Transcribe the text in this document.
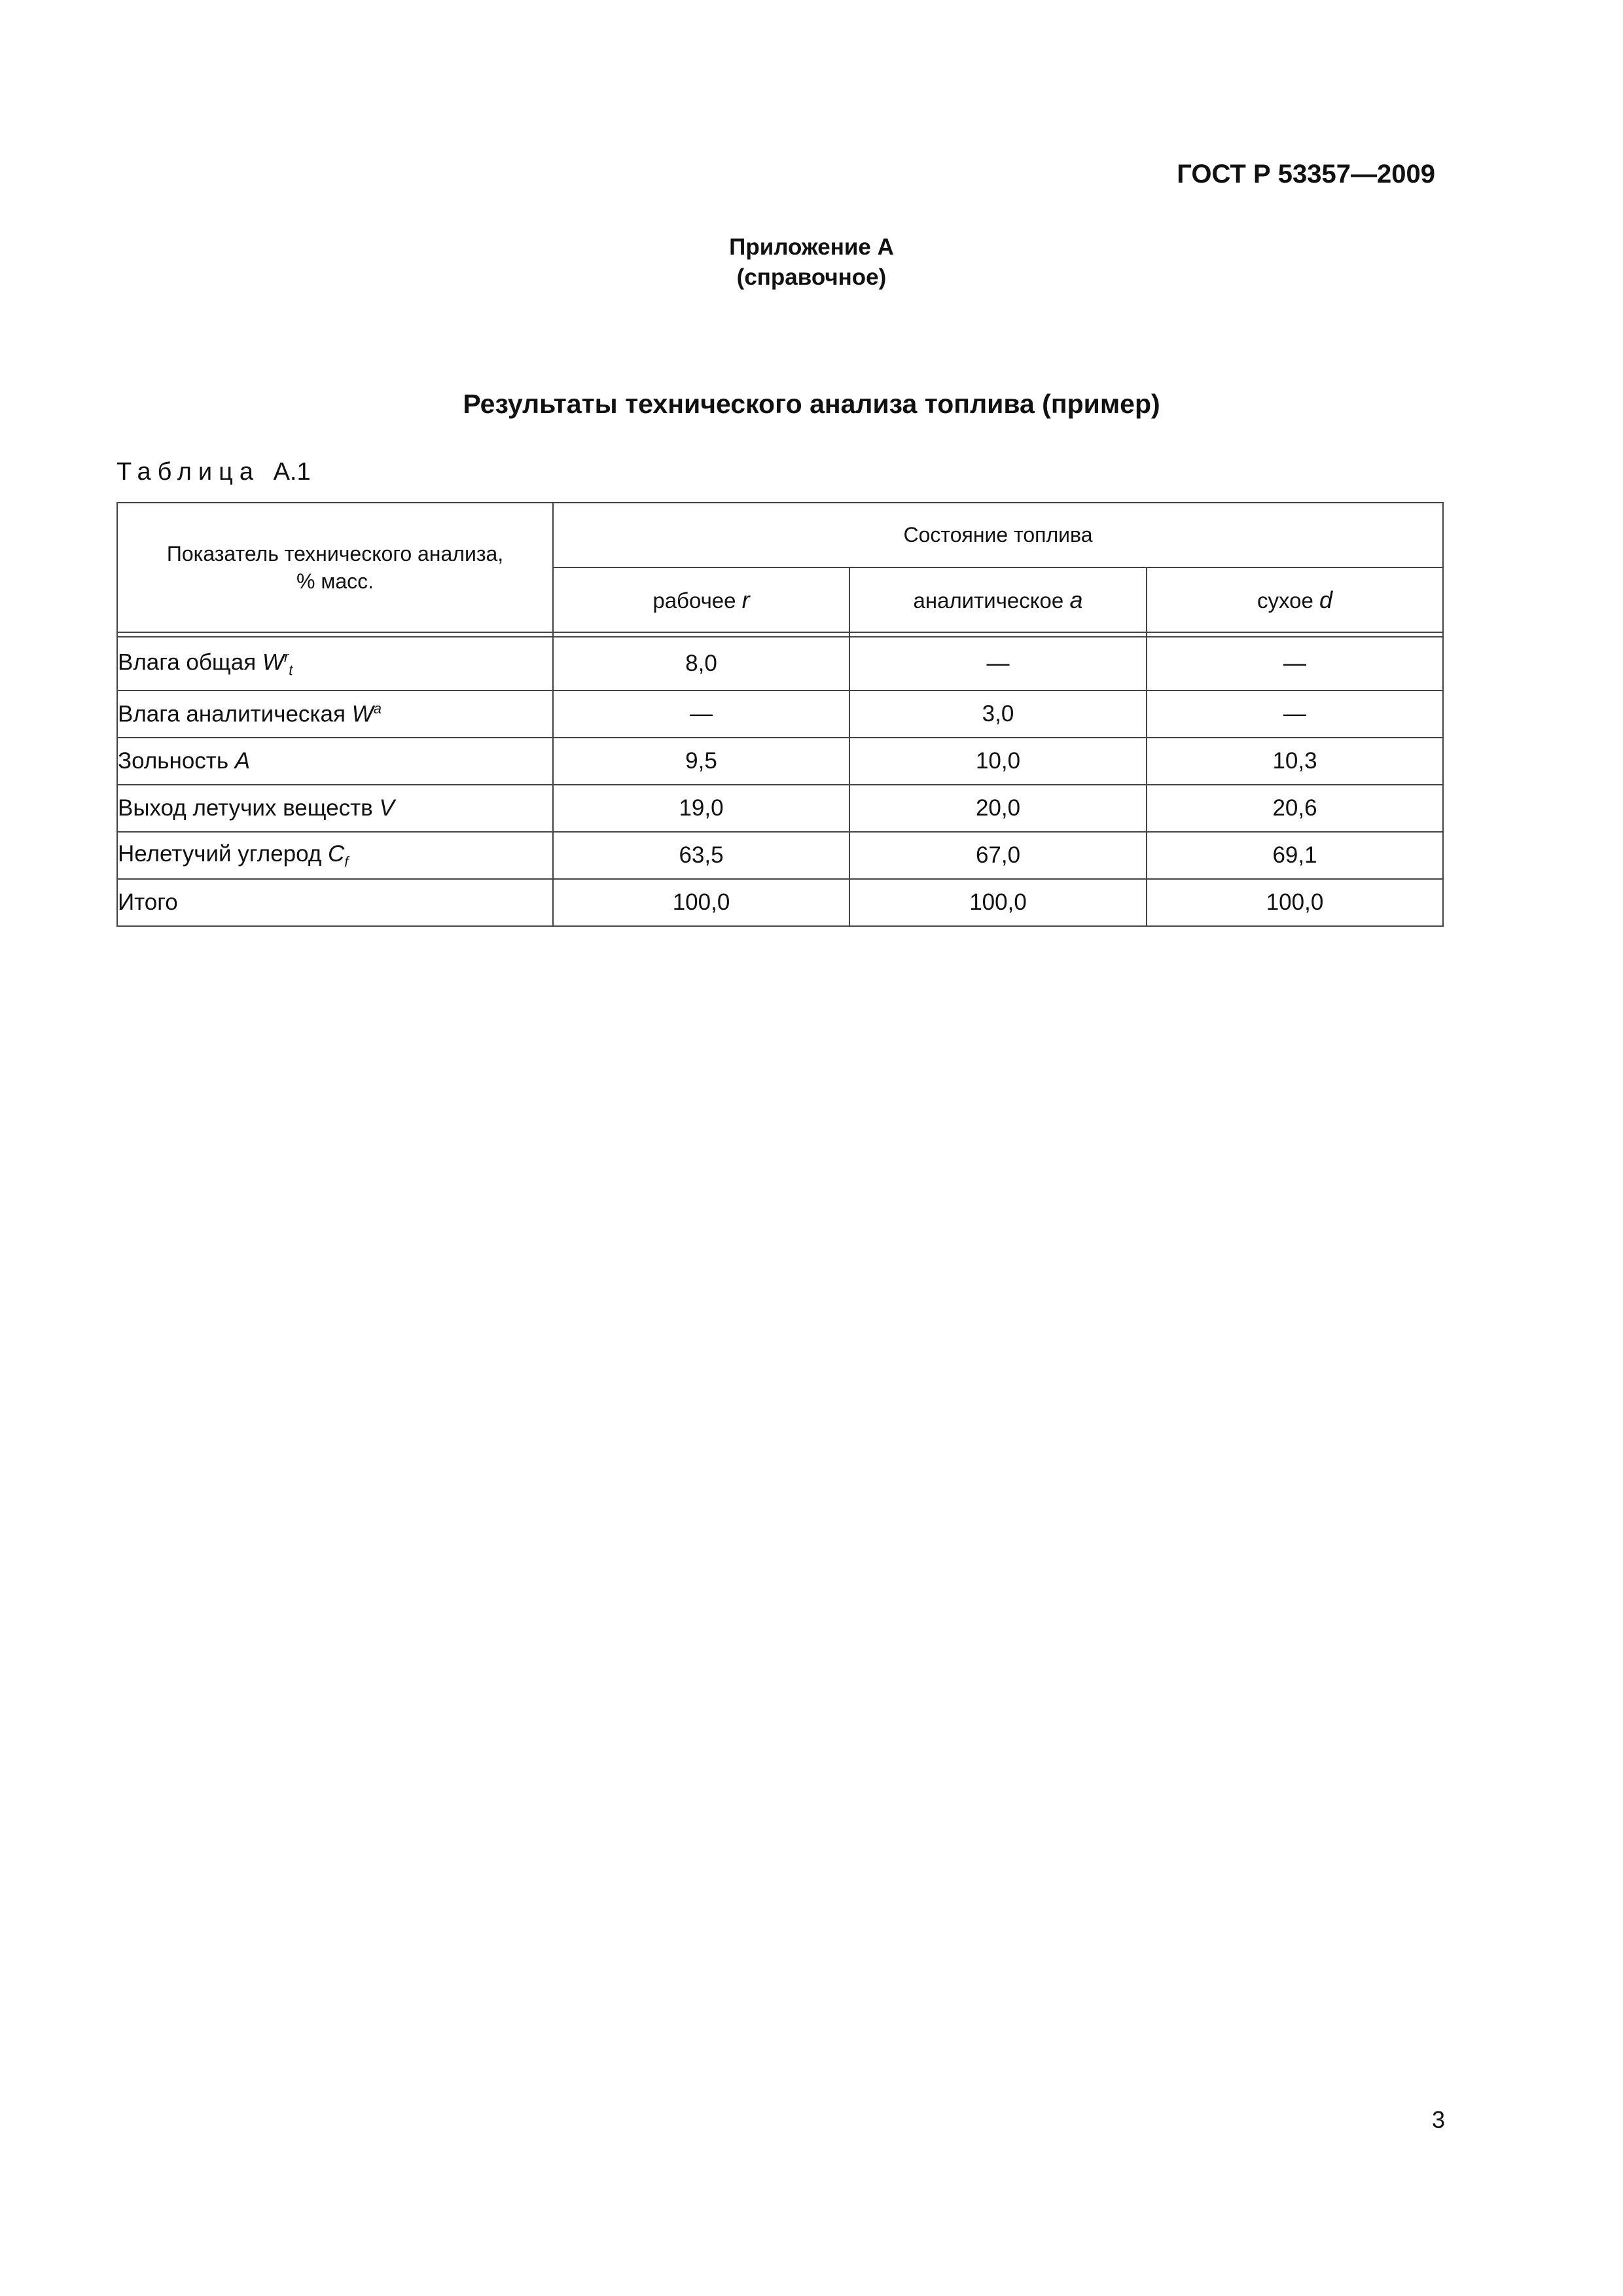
ГОСТ Р 53357—2009
Приложение А
(справочное)
Результаты технического анализа топлива (пример)
Таблица А.1
Показатель технического анализа,
% масс.	Состояние топлива		
	рабочее r	аналитическое a	сухое d

Влага общая $W^r_t$	8,0	—	—
Влага аналитическая $W^a$	—	3,0	—
Зольность A	9,5	10,0	10,3
Выход летучих веществ V	19,0	20,0	20,6
Нелетучий углерод $C_f$	63,5	67,0	69,1
Итого	100,0	100,0	100,0
3
